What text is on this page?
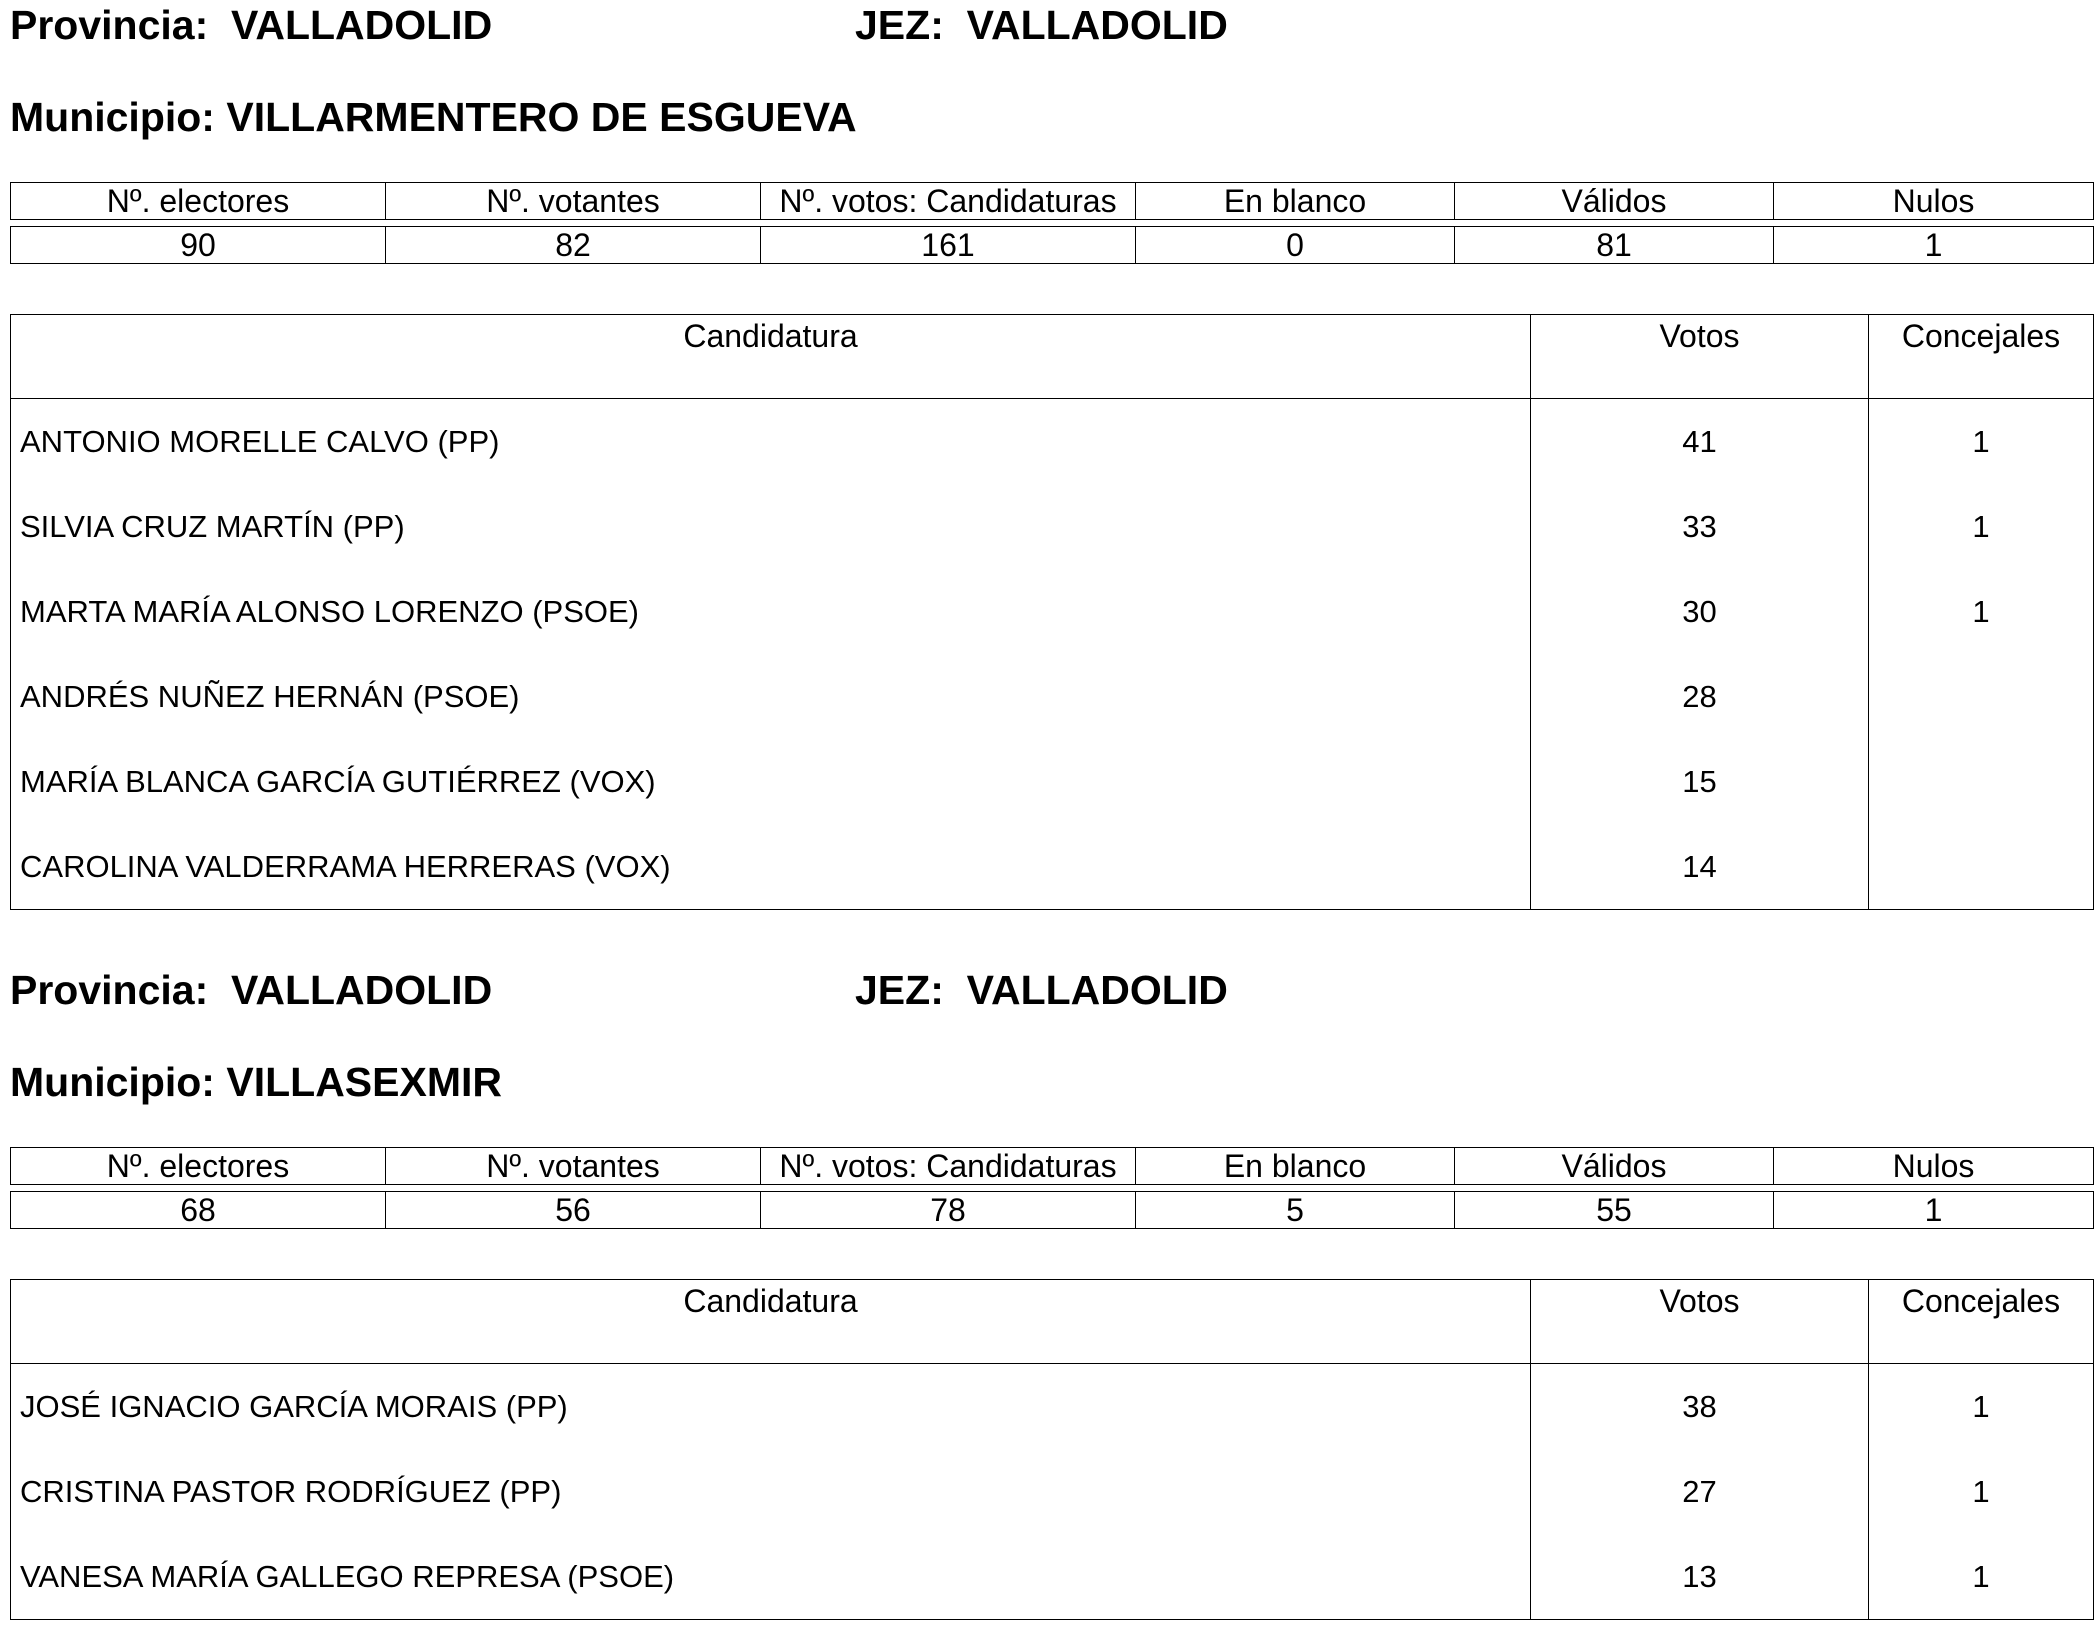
Provincia: VALLADOLID	JEZ: VALLADOLID
Municipio: VILLARMENTERO DE ESGUEVA
Nº. electores	Nº. votantes	Nº. votos: Candidaturas	En blanco	Válidos	Nulos

90	82	161	0	81	1
Candidatura	Votos	Concejales
ANTONIO MORELLE CALVO (PP)	41	1
SILVIA CRUZ MARTÍN (PP)	33	1
MARTA MARÍA ALONSO LORENZO (PSOE)	30	1
ANDRÉS NUÑEZ HERNÁN (PSOE)	28	
MARÍA BLANCA GARCÍA GUTIÉRREZ (VOX)	15	
CAROLINA VALDERRAMA HERRERAS (VOX)	14	
Provincia: VALLADOLID	JEZ: VALLADOLID
Municipio: VILLASEXMIR
Nº. electores	Nº. votantes	Nº. votos: Candidaturas	En blanco	Válidos	Nulos

68	56	78	5	55	1
Candidatura	Votos	Concejales
JOSÉ IGNACIO GARCÍA MORAIS (PP)	38	1
CRISTINA PASTOR RODRÍGUEZ (PP)	27	1
VANESA MARÍA GALLEGO REPRESA (PSOE)	13	1
